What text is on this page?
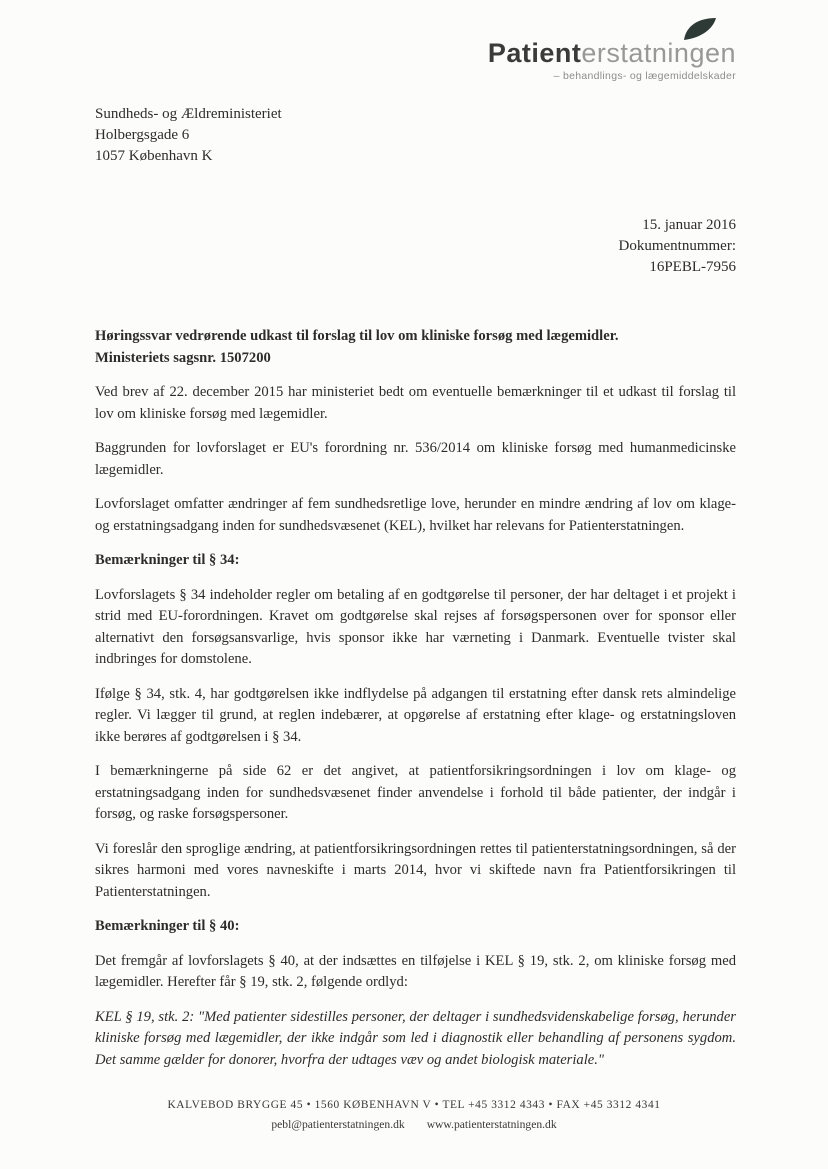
Patienterstatningen
– behandlings- og lægemiddelskader
Sundheds- og Ældreministeriet
Holbergsgade 6
1057 København K
15. januar 2016
Dokumentnummer:
16PEBL-7956

Høringssvar vedrørende udkast til forslag til lov om kliniske forsøg med lægemidler.
Ministeriets sagsnr. 1507200

Ved brev af 22. december 2015 har ministeriet bedt om eventuelle bemærkninger til et udkast til forslag til lov om kliniske forsøg med lægemidler.

Baggrunden for lovforslaget er EU's forordning nr. 536/2014 om kliniske forsøg med humanmedicinske lægemidler.

Lovforslaget omfatter ændringer af fem sundhedsretlige love, herunder en mindre ændring af lov om klage- og erstatningsadgang inden for sundhedsvæsenet (KEL), hvilket har relevans for Patienterstatningen.

Bemærkninger til § 34:

Lovforslagets § 34 indeholder regler om betaling af en godtgørelse til personer, der har deltaget i et projekt i strid med EU-forordningen. Kravet om godtgørelse skal rejses af forsøgspersonen over for sponsor eller alternativt den forsøgsansvarlige, hvis sponsor ikke har værneting i Danmark. Eventuelle tvister skal indbringes for domstolene.

Ifølge § 34, stk. 4, har godtgørelsen ikke indflydelse på adgangen til erstatning efter dansk rets almindelige regler. Vi lægger til grund, at reglen indebærer, at opgørelse af erstatning efter klage- og erstatningsloven ikke berøres af godtgørelsen i § 34.

I bemærkningerne på side 62 er det angivet, at patientforsikringsordningen i lov om klage- og erstatningsadgang inden for sundhedsvæsenet finder anvendelse i forhold til både patienter, der indgår i forsøg, og raske forsøgspersoner.

Vi foreslår den sproglige ændring, at patientforsikringsordningen rettes til patienterstatningsordningen, så der sikres harmoni med vores navneskifte i marts 2014, hvor vi skiftede navn fra Patientforsikringen til Patienterstatningen.

Bemærkninger til § 40:

Det fremgår af lovforslagets § 40, at der indsættes en tilføjelse i KEL § 19, stk. 2, om kliniske forsøg med lægemidler. Herefter får § 19, stk. 2, følgende ordlyd:

KEL § 19, stk. 2: "Med patienter sidestilles personer, der deltager i sundhedsvidenskabelige forsøg, herunder kliniske forsøg med lægemidler, der ikke indgår som led i diagnostik eller behandling af personens sygdom. Det samme gælder for donorer, hvorfra der udtages væv og andet biologisk materiale."

KALVEBOD BRYGGE 45 • 1560 KØBENHAVN V • TEL +45 3312 4343 • FAX +45 3312 4341
pebl@patienterstatningen.dk www.patienterstatningen.dk
